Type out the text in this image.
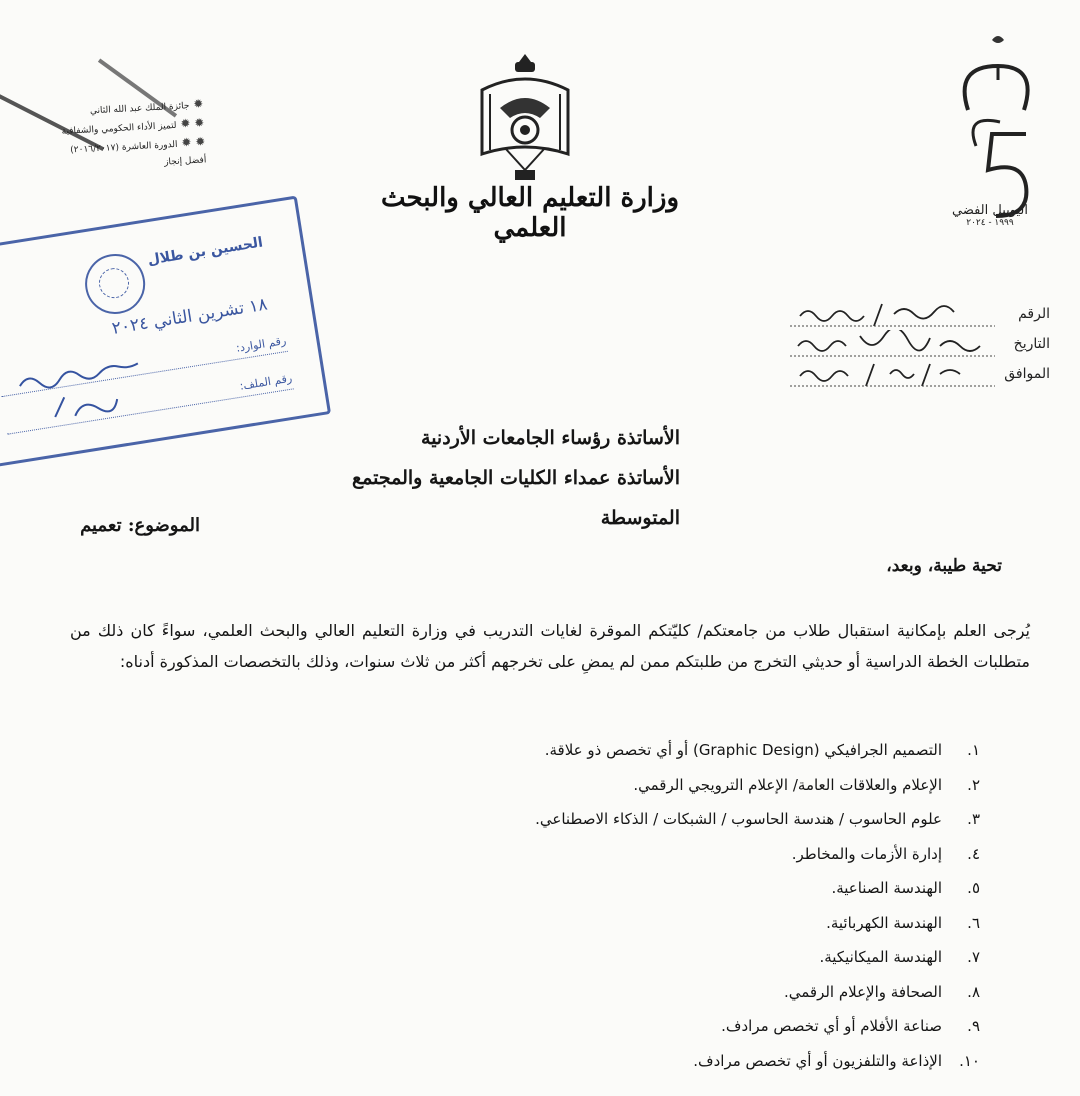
✹جائزة الملك عبد الله الثاني
✹ ✹لتميز الأداء الحكومي والشفافية
✹ ✹الدورة العاشرة (٢٠١٦/٢٠١٧)
أفضل إنجاز
الحسين بن طلال
١٨ تشرين الثاني ٢٠٢٤
رقم الوارد:
رقم الملف:
وزارة التعليم العالي والبحث العلمي
اليوبيل الفضي
١٩٩٩ - ٢٠٢٤
الرقم
التاريخ
الموافق
الأساتذة رؤساء الجامعات الأردنية
الأساتذة عمداء الكليات الجامعية والمجتمع المتوسطة
الموضوع: تعميم
تحية طيبة، وبعد،
يُرجى العلم بإمكانية استقبال طلاب من جامعتكم/ كليّتكم الموقرة لغايات التدريب في وزارة التعليم العالي والبحث العلمي، سواءً كان ذلك من متطلبات الخطة الدراسية أو حديثي التخرج من طلبتكم ممن لم يمضِ على تخرجهم أكثر من ثلاث سنوات، وذلك بالتخصصات المذكورة أدناه:
١.
التصميم الجرافيكي (Graphic Design) أو أي تخصص ذو علاقة.
٢.
الإعلام والعلاقات العامة/ الإعلام الترويجي الرقمي.
٣.
علوم الحاسوب / هندسة الحاسوب / الشبكات / الذكاء الاصطناعي.
٤.
إدارة الأزمات والمخاطر.
٥.
الهندسة الصناعية.
٦.
الهندسة الكهربائية.
٧.
الهندسة الميكانيكية.
٨.
الصحافة والإعلام الرقمي.
٩.
صناعة الأفلام أو أي تخصص مرادف.
١٠.
الإذاعة والتلفزيون أو أي تخصص مرادف.
